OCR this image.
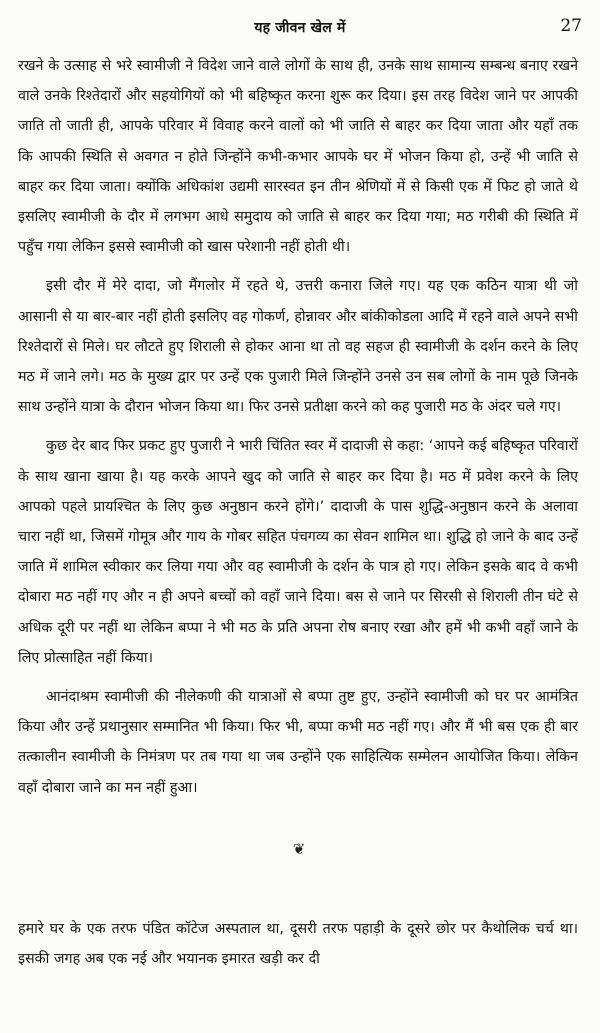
यह जीवन खेल में	27

रखने के उत्साह से भरे स्वामीजी ने विदेश जाने वाले लोगों के साथ ही, उनके साथ सामान्य सम्बन्ध बनाए रखने वाले उनके रिश्तेदारों और सहयोगियों को भी बहिष्कृत करना शुरू कर दिया। इस तरह विदेश जाने पर आपकी जाति तो जाती ही, आपके परिवार में विवाह करने वालों को भी जाति से बाहर कर दिया जाता और यहाँ तक कि आपकी स्थिति से अवगत न होते जिन्होंने कभी-कभार आपके घर में भोजन किया हो, उन्हें भी जाति से बाहर कर दिया जाता। क्योंकि अधिकांश उद्यमी सारस्वत इन तीन श्रेणियों में से किसी एक में फिट हो जाते थे इसलिए स्वामीजी के दौर में लगभग आधे समुदाय को जाति से बाहर कर दिया गया; मठ गरीबी की स्थिति में पहुँच गया लेकिन इससे स्वामीजी को खास परेशानी नहीं होती थी।

इसी दौर में मेरे दादा, जो मैंगलोर में रहते थे, उत्तरी कनारा जिले गए। यह एक कठिन यात्रा थी जो आसानी से या बार-बार नहीं होती इसलिए वह गोकर्ण, होन्नावर और बांकीकोडला आदि में रहने वाले अपने सभी रिश्तेदारों से मिले। घर लौटते हुए शिराली से होकर आना था तो वह सहज ही स्वामीजी के दर्शन करने के लिए मठ में जाने लगे। मठ के मुख्य द्वार पर उन्हें एक पुजारी मिले जिन्होंने उनसे उन सब लोगों के नाम पूछे जिनके साथ उन्होंने यात्रा के दौरान भोजन किया था। फिर उनसे प्रतीक्षा करने को कह पुजारी मठ के अंदर चले गए।

कुछ देर बाद फिर प्रकट हुए पुजारी ने भारी चिंतित स्वर में दादाजी से कहा: ‘आपने कई बहिष्कृत परिवारों के साथ खाना खाया है। यह करके आपने खुद को जाति से बाहर कर दिया है। मठ में प्रवेश करने के लिए आपको पहले प्रायश्चित के लिए कुछ अनुष्ठान करने होंगे।’ दादाजी के पास शुद्धि-अनुष्ठान करने के अलावा चारा नहीं था, जिसमें गोमूत्र और गाय के गोबर सहित पंचगव्य का सेवन शामिल था। शुद्धि हो जाने के बाद उन्हें जाति में शामिल स्वीकार कर लिया गया और वह स्वामीजी के दर्शन के पात्र हो गए। लेकिन इसके बाद वे कभी दोबारा मठ नहीं गए और न ही अपने बच्चों को वहाँ जाने दिया। बस से जाने पर सिरसी से शिराली तीन घंटे से अधिक दूरी पर नहीं था लेकिन बप्पा ने भी मठ के प्रति अपना रोष बनाए रखा और हमें भी कभी वहाँ जाने के लिए प्रोत्साहित नहीं किया।

आनंदाश्रम स्वामीजी की नीलेकणी की यात्राओं से बप्पा तुष्ट हुए, उन्होंने स्वामीजी को घर पर आमंत्रित किया और उन्हें प्रथानुसार सम्मानित भी किया। फिर भी, बप्पा कभी मठ नहीं गए। और मैं भी बस एक ही बार तत्कालीन स्वामीजी के निमंत्रण पर तब गया था जब उन्होंने एक साहित्यिक सम्मेलन आयोजित किया। लेकिन वहाँ दोबारा जाने का मन नहीं हुआ।

❦

हमारे घर के एक तरफ पंडित कॉटेज अस्पताल था, दूसरी तरफ पहाड़ी के दूसरे छोर पर कैथोलिक चर्च था। इसकी जगह अब एक नई और भयानक इमारत खड़ी कर दी
